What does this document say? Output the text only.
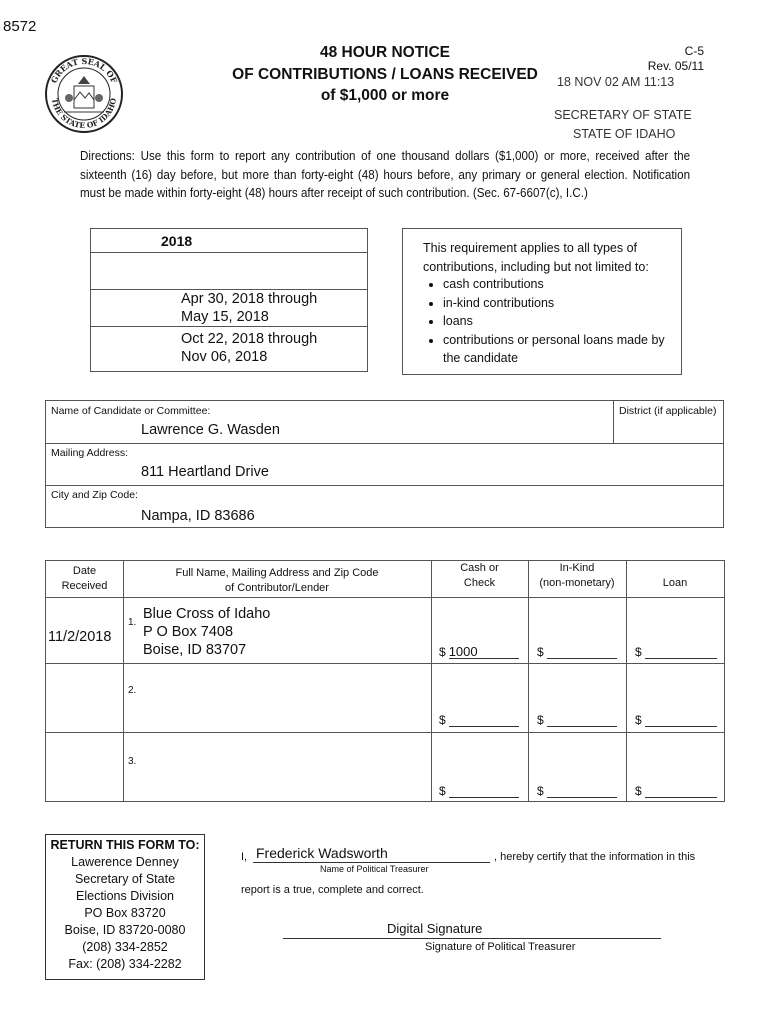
8572
GREAT SEAL OF
THE STATE OF IDAHO
48 HOUR NOTICE
OF CONTRIBUTIONS / LOANS RECEIVED
of $1,000 or more
C-5
Rev. 05/11
18 NOV 02 AM 11:13
SECRETARY OF STATE
STATE OF IDAHO
Directions: Use this form to report any contribution of one thousand dollars ($1,000) or more, received after the sixteenth (16) day before, but more than forty-eight (48) hours before, any primary or general election. Notification must be made within forty-eight (48) hours after receipt of such contribution. (Sec. 67-6607(c), I.C.)
2018
Apr 30, 2018 through
May 15, 2018
Oct 22, 2018 through
Nov 06, 2018
This requirement applies to all types of contributions, including but not limited to:
• cash contributions
• in-kind contributions
• loans
• contributions or personal loans made by the candidate
Name of Candidate or Committee:
Lawrence G. Wasden
District (if applicable)
Mailing Address:
811 Heartland Drive
City and Zip Code:
Nampa, ID 83686
Date
Received
Full Name, Mailing Address and Zip Code
of Contributor/Lender
Cash or
Check
In-Kind
(non-monetary)	Loan
11/2/2018
1.
Blue Cross of Idaho
P O Box 7408
Boise, ID 83707	$ 1000	$	$
2.
$	$	$
3.
$	$	$
RETURN THIS FORM TO:
Lawerence Denney
Secretary of State
Elections Division
PO Box 83720
Boise, ID 83720-0080
(208) 334-2852
Fax: (208) 334-2282
I, Frederick Wadsworth
Name of Political Treasurer
, hereby certify that the information in this
report is a true, complete and correct.
Digital Signature
Signature of Political Treasurer
